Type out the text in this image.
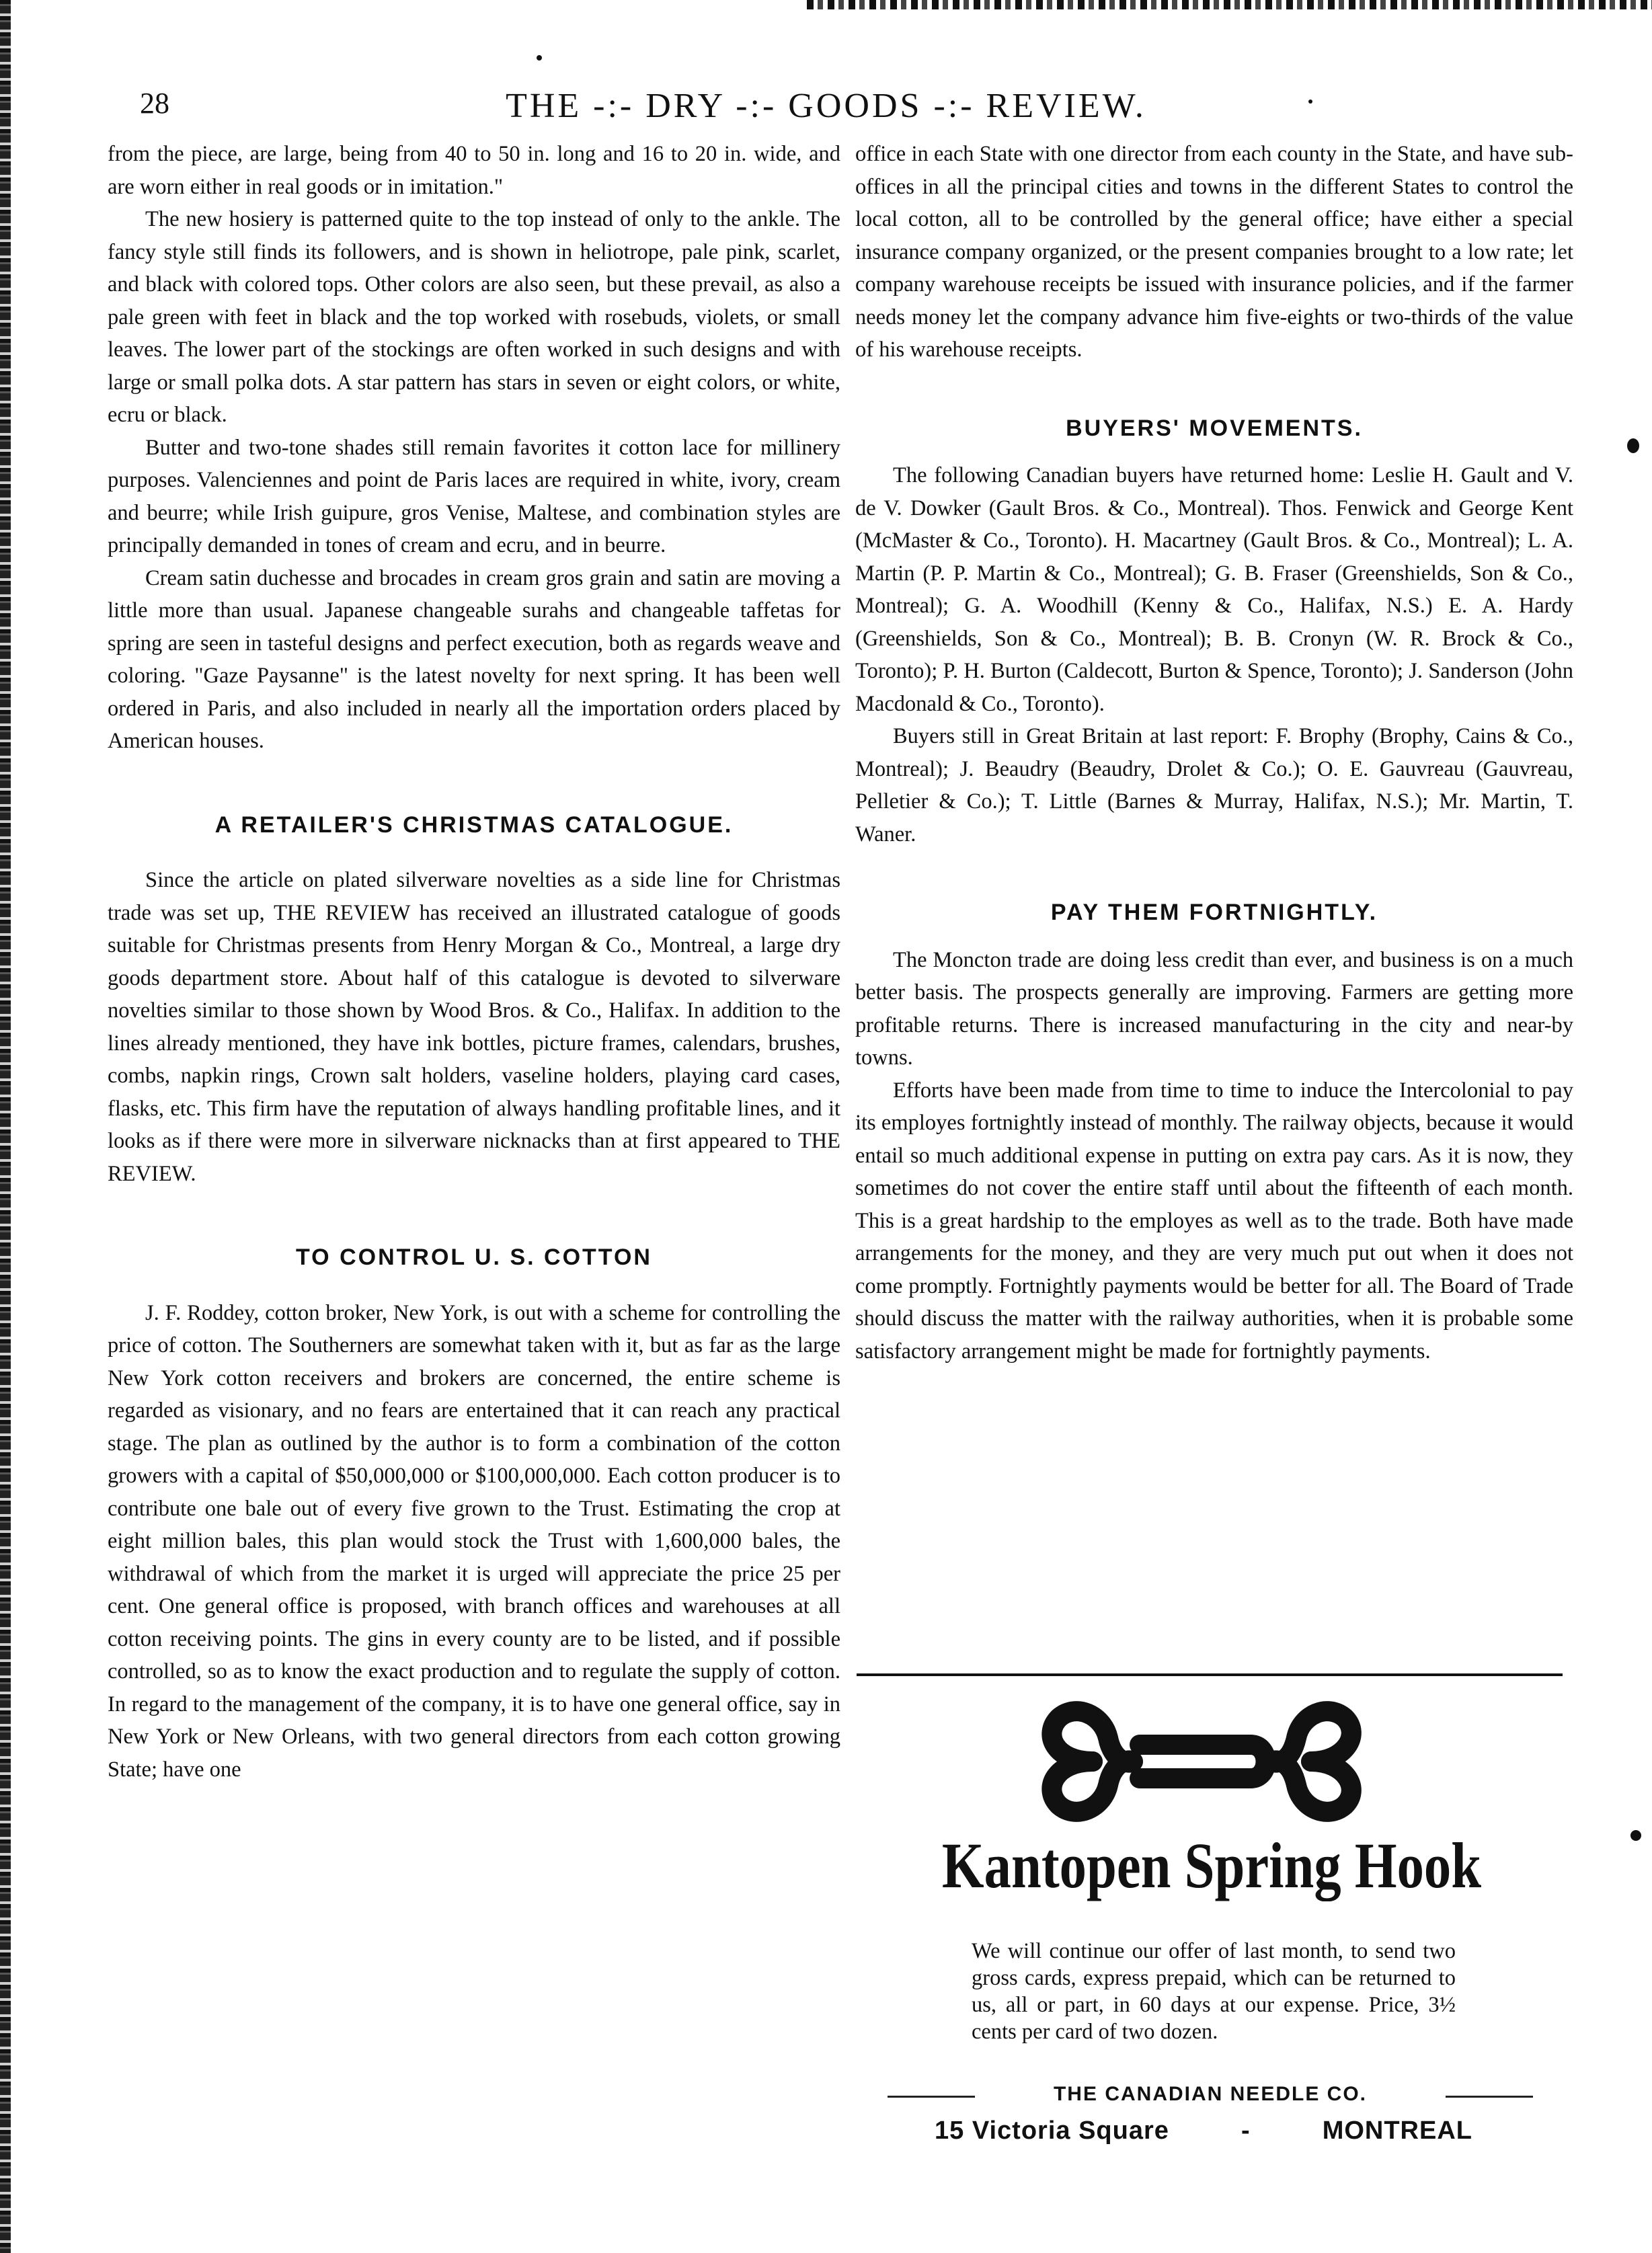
28	THE -:- DRY -:- GOODS -:- REVIEW.

from the piece, are large, being from 40 to 50 in. long and 16 to 20 in. wide, and are worn either in real goods or in imitation."

The new hosiery is patterned quite to the top instead of only to the ankle. The fancy style still finds its followers, and is shown in heliotrope, pale pink, scarlet, and black with colored tops. Other colors are also seen, but these prevail, as also a pale green with feet in black and the top worked with rosebuds, violets, or small leaves. The lower part of the stockings are often worked in such designs and with large or small polka dots. A star pattern has stars in seven or eight colors, or white, ecru or black.

Butter and two-tone shades still remain favorites it cotton lace for millinery purposes. Valenciennes and point de Paris laces are required in white, ivory, cream and beurre; while Irish guipure, gros Venise, Maltese, and combination styles are principally demanded in tones of cream and ecru, and in beurre.

Cream satin duchesse and brocades in cream gros grain and satin are moving a little more than usual. Japanese changeable surahs and changeable taffetas for spring are seen in tasteful designs and perfect execution, both as regards weave and coloring. "Gaze Paysanne" is the latest novelty for next spring. It has been well ordered in Paris, and also included in nearly all the importation orders placed by American houses.

A RETAILER'S CHRISTMAS CATALOGUE.

Since the article on plated silverware novelties as a side line for Christmas trade was set up, THE REVIEW has received an illustrated catalogue of goods suitable for Christmas presents from Henry Morgan & Co., Montreal, a large dry goods department store. About half of this catalogue is devoted to silverware novelties similar to those shown by Wood Bros. & Co., Halifax. In addition to the lines already mentioned, they have ink bottles, picture frames, calendars, brushes, combs, napkin rings, Crown salt holders, vaseline holders, playing card cases, flasks, etc. This firm have the reputation of always handling profitable lines, and it looks as if there were more in silverware nicknacks than at first appeared to THE REVIEW.

TO CONTROL U. S. COTTON

J. F. Roddey, cotton broker, New York, is out with a scheme for controlling the price of cotton. The Southerners are somewhat taken with it, but as far as the large New York cotton receivers and brokers are concerned, the entire scheme is regarded as visionary, and no fears are entertained that it can reach any practical stage. The plan as outlined by the author is to form a combination of the cotton growers with a capital of $50,000,000 or $100,000,000. Each cotton producer is to contribute one bale out of every five grown to the Trust. Estimating the crop at eight million bales, this plan would stock the Trust with 1,600,000 bales, the withdrawal of which from the market it is urged will appreciate the price 25 per cent. One general office is proposed, with branch offices and warehouses at all cotton receiving points. The gins in every county are to be listed, and if possible controlled, so as to know the exact production and to regulate the supply of cotton. In regard to the management of the company, it is to have one general office, say in New York or New Orleans, with two general directors from each cotton growing State; have one

office in each State with one director from each county in the State, and have sub-offices in all the principal cities and towns in the different States to control the local cotton, all to be controlled by the general office; have either a special insurance company organized, or the present companies brought to a low rate; let company warehouse receipts be issued with insurance policies, and if the farmer needs money let the company advance him five-eights or two-thirds of the value of his warehouse receipts.

BUYERS' MOVEMENTS.

The following Canadian buyers have returned home: Leslie H. Gault and V. de V. Dowker (Gault Bros. & Co., Montreal). Thos. Fenwick and George Kent (McMaster & Co., Toronto). H. Macartney (Gault Bros. & Co., Montreal); L. A. Martin (P. P. Martin & Co., Montreal); G. B. Fraser (Greenshields, Son & Co., Montreal); G. A. Woodhill (Kenny & Co., Halifax, N.S.) E. A. Hardy (Greenshields, Son & Co., Montreal); B. B. Cronyn (W. R. Brock & Co., Toronto); P. H. Burton (Caldecott, Burton & Spence, Toronto); J. Sanderson (John Macdonald & Co., Toronto).

Buyers still in Great Britain at last report: F. Brophy (Brophy, Cains & Co., Montreal); J. Beaudry (Beaudry, Drolet & Co.); O. E. Gauvreau (Gauvreau, Pelletier & Co.); T. Little (Barnes & Murray, Halifax, N.S.); Mr. Martin, T. Waner.

PAY THEM FORTNIGHTLY.

The Moncton trade are doing less credit than ever, and business is on a much better basis. The prospects generally are improving. Farmers are getting more profitable returns. There is increased manufacturing in the city and near-by towns.

Efforts have been made from time to time to induce the Intercolonial to pay its employes fortnightly instead of monthly. The railway objects, because it would entail so much additional expense in putting on extra pay cars. As it is now, they sometimes do not cover the entire staff until about the fifteenth of each month. This is a great hardship to the employes as well as to the trade. Both have made arrangements for the money, and they are very much put out when it does not come promptly. Fortnightly payments would be better for all. The Board of Trade should discuss the matter with the railway authorities, when it is probable some satisfactory arrangement might be made for fortnightly payments.

Kantopen Spring Hook
We will continue our offer of last month, to send two gross cards, express prepaid, which can be returned to us, all or part, in 60 days at our expense. Price, 3½ cents per card of two dozen.
THE CANADIAN NEEDLE CO.
15 Victoria Square	-	MONTREAL
